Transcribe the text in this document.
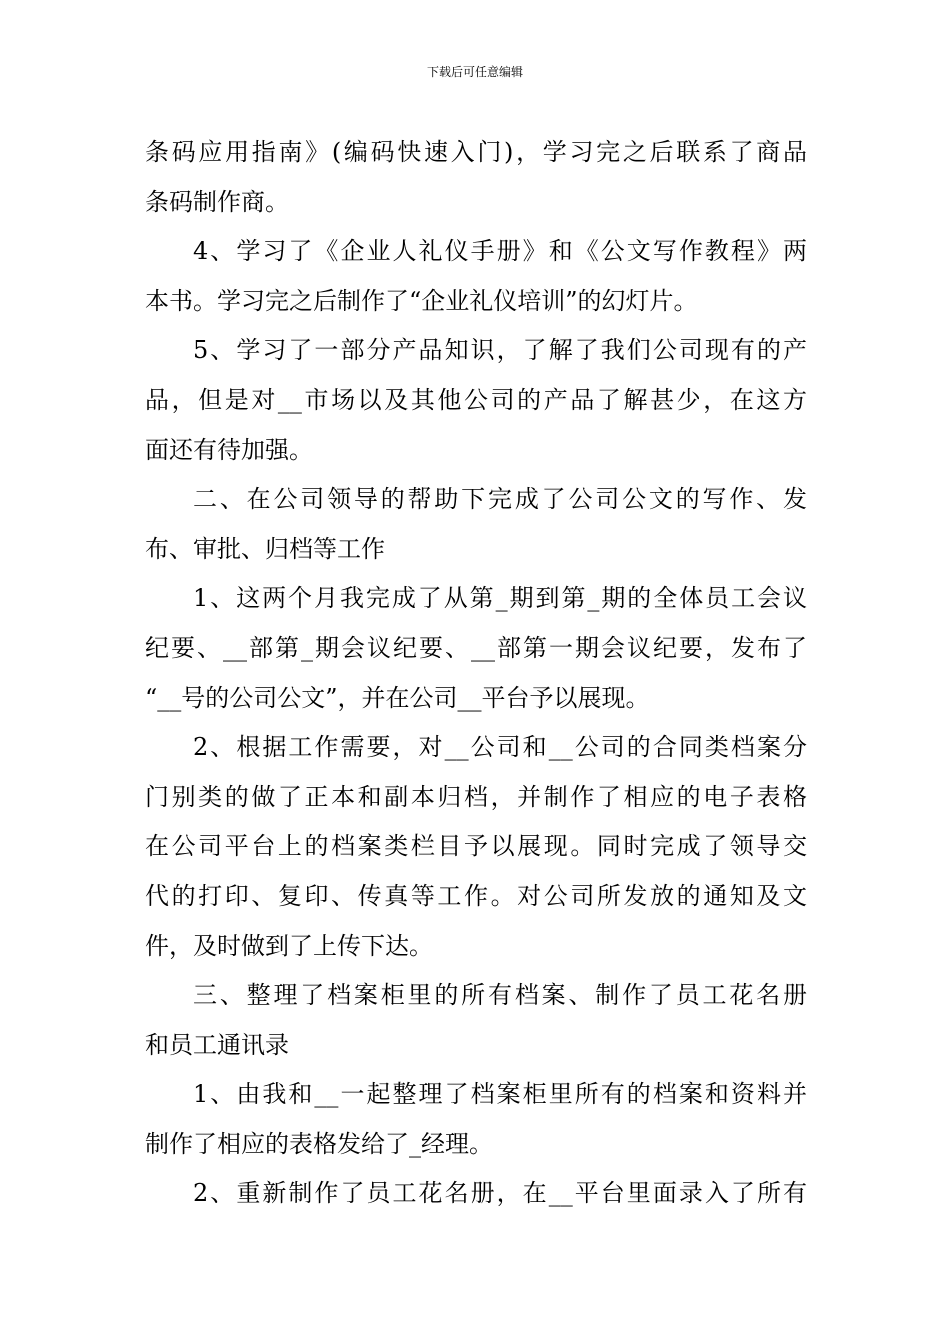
下载后可任意编辑
条码应用指南》(编码快速入门)，学习完之后联系了商品
条码制作商。
4、学习了《企业人礼仪手册》和《公文写作教程》两
本书。学习完之后制作了“企业礼仪培训”的幻灯片。
5、学习了一部分产品知识，了解了我们公司现有的产
品，但是对__市场以及其他公司的产品了解甚少，在这方
面还有待加强。
二、在公司领导的帮助下完成了公司公文的写作、发
布、审批、归档等工作
1、这两个月我完成了从第_期到第_期的全体员工会议
纪要、__部第_期会议纪要、__部第一期会议纪要，发布了
“__号的公司公文”，并在公司__平台予以展现。
2、根据工作需要，对__公司和__公司的合同类档案分
门别类的做了正本和副本归档，并制作了相应的电子表格
在公司平台上的档案类栏目予以展现。同时完成了领导交
代的打印、复印、传真等工作。对公司所发放的通知及文
件，及时做到了上传下达。
三、整理了档案柜里的所有档案、制作了员工花名册
和员工通讯录
1、由我和__一起整理了档案柜里所有的档案和资料并
制作了相应的表格发给了_经理。
2、重新制作了员工花名册，在__平台里面录入了所有
